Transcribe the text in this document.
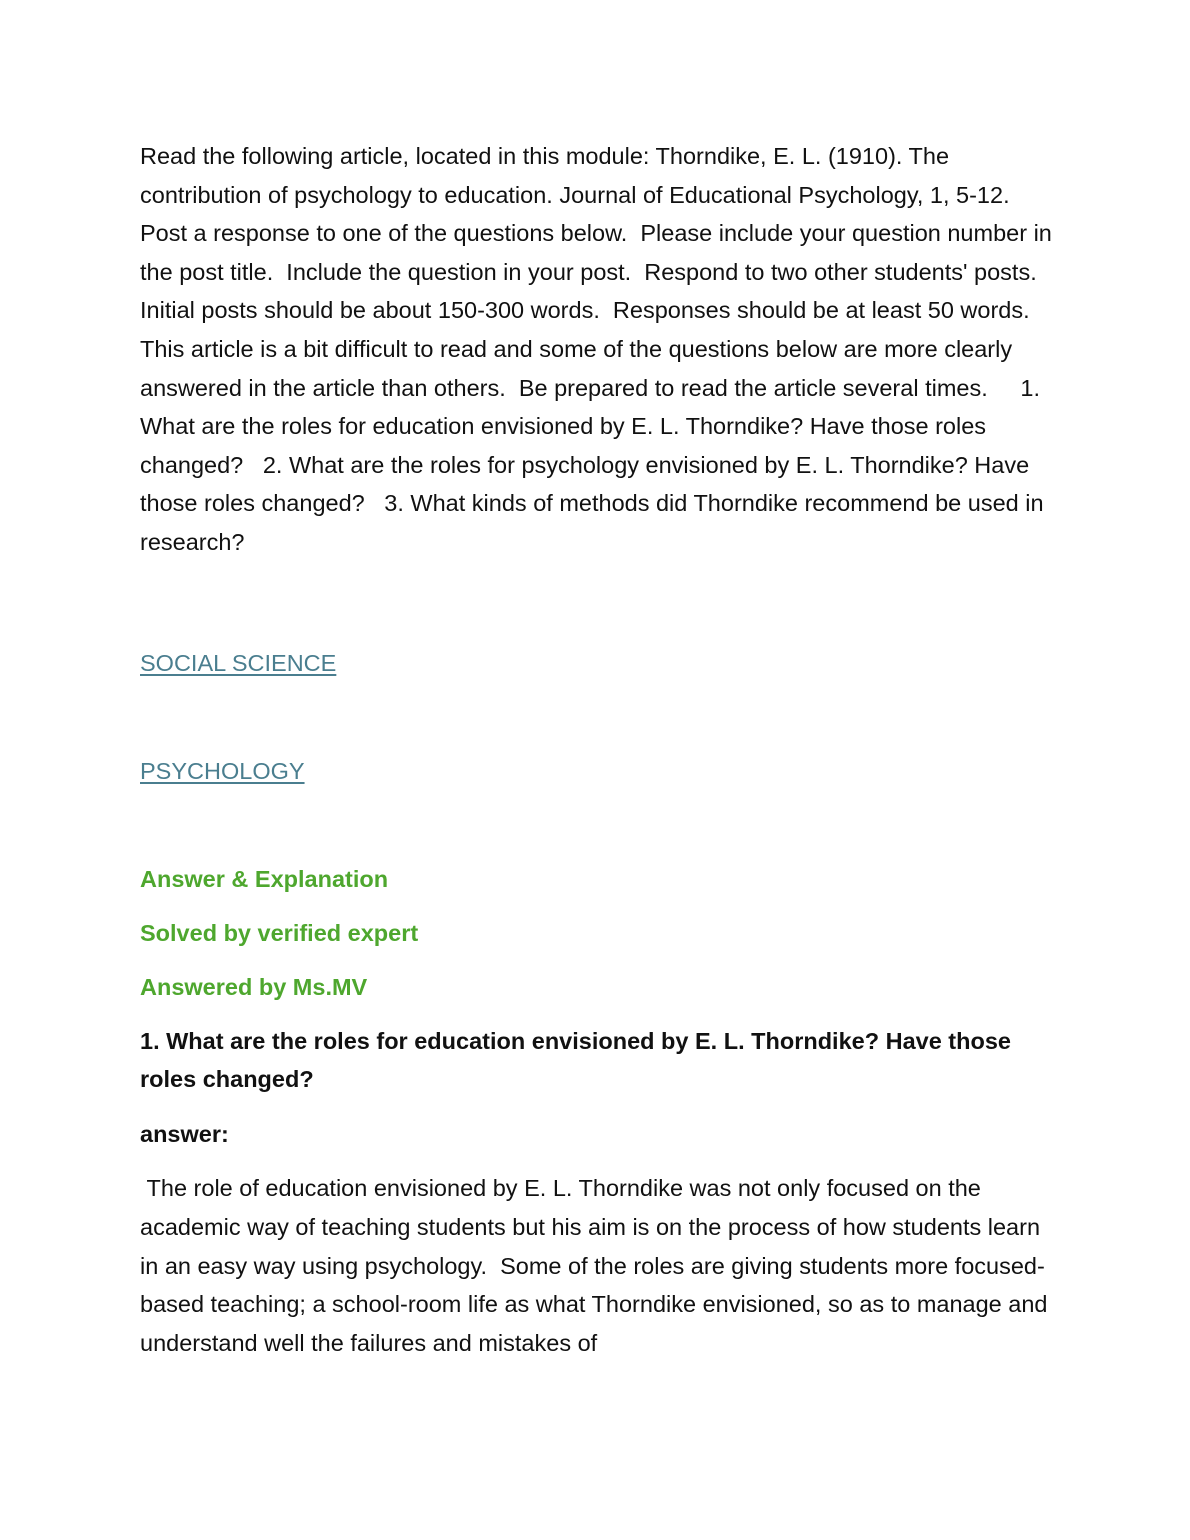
Read the following article, located in this module: Thorndike, E. L. (1910). The contribution of psychology to education. Journal of Educational Psychology, 1, 5-12.   Post a response to one of the questions below.  Please include your question number in the post title.  Include the question in your post.  Respond to two other students' posts.  Initial posts should be about 150-300 words.  Responses should be at least 50 words.  This article is a bit difficult to read and some of the questions below are more clearly answered in the article than others.  Be prepared to read the article several times.     1. What are the roles for education envisioned by E. L. Thorndike? Have those roles changed?   2. What are the roles for psychology envisioned by E. L. Thorndike? Have those roles changed?   3. What kinds of methods did Thorndike recommend be used in research?

SOCIAL SCIENCE
PSYCHOLOGY

Answer & Explanation

Solved by verified expert

Answered by Ms.MV

1. What are the roles for education envisioned by E. L. Thorndike? Have those roles changed?

answer:

The role of education envisioned by E. L. Thorndike was not only focused on the academic way of teaching students but his aim is on the process of how students learn in an easy way using psychology.  Some of the roles are giving students more focused-based teaching; a school-room life as what Thorndike envisioned, so as to manage and understand well the failures and mistakes of
